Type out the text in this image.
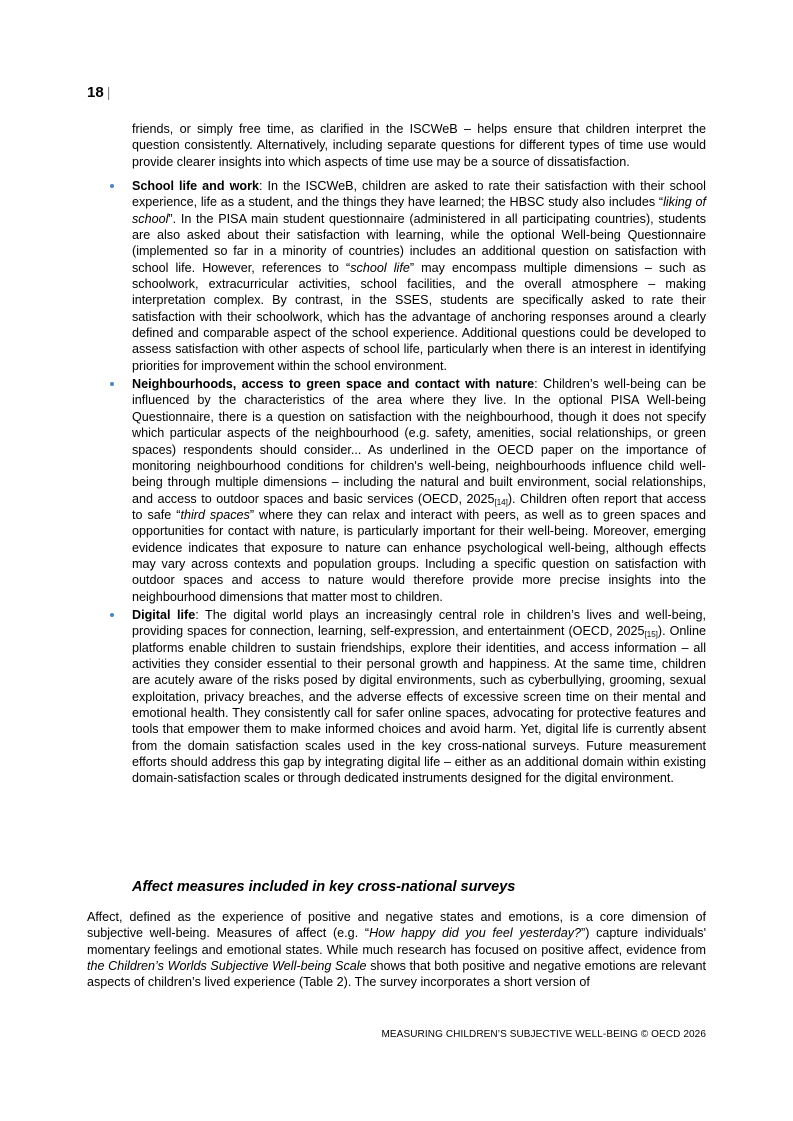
18 |

friends, or simply free time, as clarified in the ISCWeB – helps ensure that children interpret the question consistently. Alternatively, including separate questions for different types of time use would provide clearer insights into which aspects of time use may be a source of dissatisfaction.

School life and work: In the ISCWeB, children are asked to rate their satisfaction with their school experience, life as a student, and the things they have learned; the HBSC study also includes “liking of school”. In the PISA main student questionnaire (administered in all participating countries), students are also asked about their satisfaction with learning, while the optional Well-being Questionnaire (implemented so far in a minority of countries) includes an additional question on satisfaction with school life. However, references to “school life” may encompass multiple dimensions – such as schoolwork, extracurricular activities, school facilities, and the overall atmosphere – making interpretation complex. By contrast, in the SSES, students are specifically asked to rate their satisfaction with their schoolwork, which has the advantage of anchoring responses around a clearly defined and comparable aspect of the school experience. Additional questions could be developed to assess satisfaction with other aspects of school life, particularly when there is an interest in identifying priorities for improvement within the school environment.
Neighbourhoods, access to green space and contact with nature: Children’s well-being can be influenced by the characteristics of the area where they live. In the optional PISA Well-being Questionnaire, there is a question on satisfaction with the neighbourhood, though it does not specify which particular aspects of the neighbourhood (e.g. safety, amenities, social relationships, or green spaces) respondents should consider... As underlined in the OECD paper on the importance of monitoring neighbourhood conditions for children's well-being, neighbourhoods influence child well-being through multiple dimensions – including the natural and built environment, social relationships, and access to outdoor spaces and basic services (OECD, $2025_{[14]}$). Children often report that access to safe “third spaces” where they can relax and interact with peers, as well as to green spaces and opportunities for contact with nature, is particularly important for their well-being. Moreover, emerging evidence indicates that exposure to nature can enhance psychological well-being, although effects may vary across contexts and population groups. Including a specific question on satisfaction with outdoor spaces and access to nature would therefore provide more precise insights into the neighbourhood dimensions that matter most to children.
Digital life: The digital world plays an increasingly central role in children’s lives and well-being, providing spaces for connection, learning, self-expression, and entertainment (OECD, $2025_{[15]}$). Online platforms enable children to sustain friendships, explore their identities, and access information – all activities they consider essential to their personal growth and happiness. At the same time, children are acutely aware of the risks posed by digital environments, such as cyberbullying, grooming, sexual exploitation, privacy breaches, and the adverse effects of excessive screen time on their mental and emotional health. They consistently call for safer online spaces, advocating for protective features and tools that empower them to make informed choices and avoid harm. Yet, digital life is currently absent from the domain satisfaction scales used in the key cross-national surveys. Future measurement efforts should address this gap by integrating digital life – either as an additional domain within existing domain-satisfaction scales or through dedicated instruments designed for the digital environment.
Affect measures included in key cross-national surveys

Affect, defined as the experience of positive and negative states and emotions, is a core dimension of subjective well-being. Measures of affect (e.g. “How happy did you feel yesterday?”) capture individuals' momentary feelings and emotional states. While much research has focused on positive affect, evidence from the Children’s Worlds Subjective Well-being Scale shows that both positive and negative emotions are relevant aspects of children’s lived experience (Table 2). The survey incorporates a short version of

MEASURING CHILDREN’S SUBJECTIVE WELL-BEING © OECD 2026
